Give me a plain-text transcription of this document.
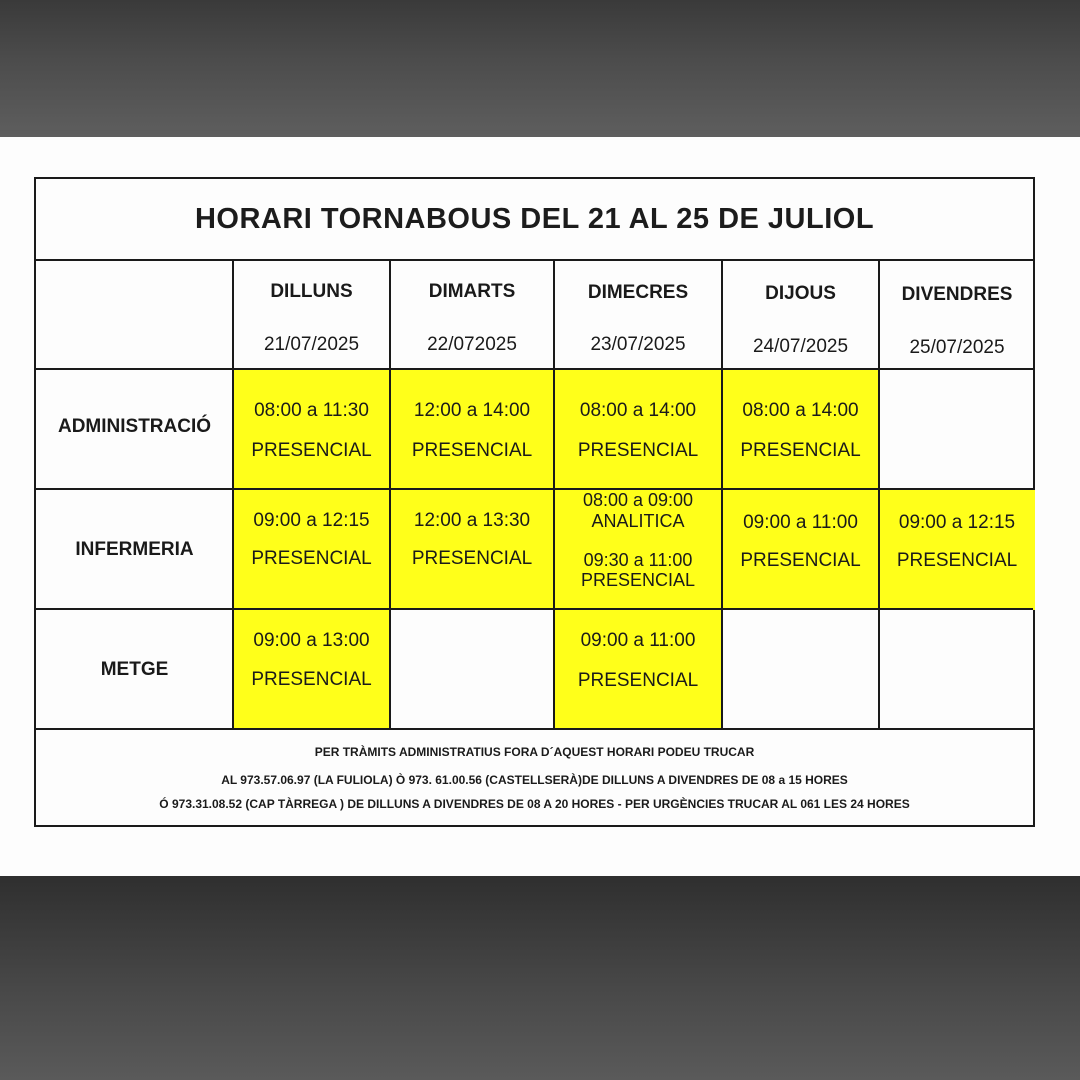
08:00 a 11:30
PRESENCIAL
12:00 a 14:00
PRESENCIAL
08:00 a 14:00
PRESENCIAL
08:00 a 14:00
PRESENCIAL
09:00 a 12:15
PRESENCIAL
12:00 a 13:30
PRESENCIAL
08:00 a 09:00
ANALITICA
09:30 a 11:00
PRESENCIAL
09:00 a 11:00
PRESENCIAL
09:00 a 12:15
PRESENCIAL
09:00 a 13:00
PRESENCIAL
09:00 a 11:00
PRESENCIAL
HORARI TORNABOUS DEL 21 AL 25 DE JULIOL
DILLUNS
21/07/2025
DIMARTS
22/072025
DIMECRES
23/07/2025
DIJOUS
24/07/2025
DIVENDRES
25/07/2025
ADMINISTRACIÓ
INFERMERIA
METGE
PER TRÀMITS ADMINISTRATIUS FORA D´AQUEST HORARI PODEU TRUCAR
AL 973.57.06.97 (LA FULIOLA) Ò 973. 61.00.56 (CASTELLSERÀ)DE DILLUNS A DIVENDRES DE 08 a 15 HORES
Ó 973.31.08.52 (CAP TÀRREGA ) DE DILLUNS A DIVENDRES DE 08 A 20 HORES - PER URGÈNCIES TRUCAR AL 061 LES 24 HORES
